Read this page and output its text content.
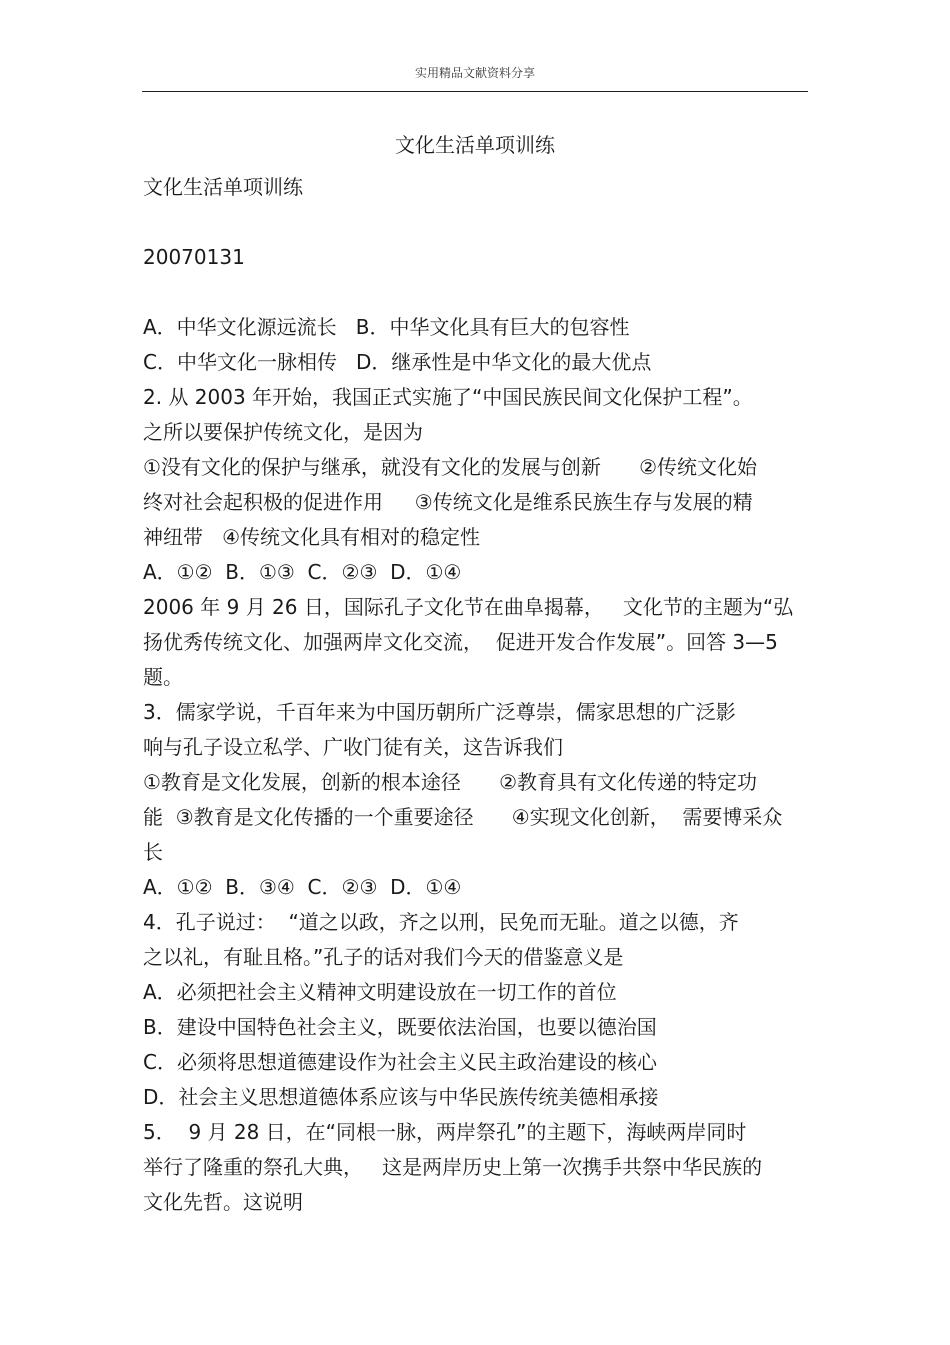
实用精品文献资料分享
文化生活单项训练
文化生活单项训练
20070131
A．中华文化源远流长   B．中华文化具有巨大的包容性
C．中华文化一脉相传   D．继承性是中华文化的最大优点
2. 从 2003 年开始，我国正式实施了“中国民族民间文化保护工程”。
之所以要保护传统文化，是因为
①没有文化的保护与继承，就没有文化的发展与创新      ②传统文化始
终对社会起积极的促进作用     ③传统文化是维系民族生存与发展的精
神纽带   ④传统文化具有相对的稳定性
A．①②  B．①③  C．②③  D．①④
2006 年 9 月 26 日，国际孔子文化节在曲阜揭幕，   文化节的主题为“弘
扬优秀传统文化、加强两岸文化交流，  促进开发合作发展”。回答 3—5
题。
3．儒家学说，千百年来为中国历朝所广泛尊崇，儒家思想的广泛影
响与孔子设立私学、广收门徒有关，这告诉我们
①教育是文化发展，创新的根本途径      ②教育具有文化传递的特定功
能  ③教育是文化传播的一个重要途径      ④实现文化创新，  需要博采众
长
A．①②  B．③④  C．②③  D．①④
4．孔子说过：  “道之以政，齐之以刑，民免而无耻。道之以德，齐
之以礼，有耻且格。”孔子的话对我们今天的借鉴意义是
A．必须把社会主义精神文明建设放在一切工作的首位
B．建设中国特色社会主义，既要依法治国，也要以德治国
C．必须将思想道德建设作为社会主义民主政治建设的核心
D．社会主义思想道德体系应该与中华民族传统美德相承接
5．  9 月 28 日，在“同根一脉，两岸祭孔”的主题下，海峡两岸同时
举行了隆重的祭孔大典，   这是两岸历史上第一次携手共祭中华民族的
文化先哲。这说明
